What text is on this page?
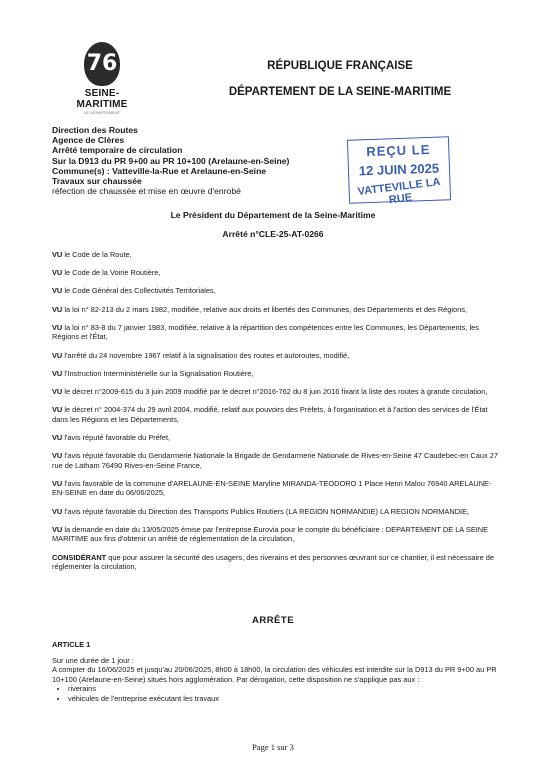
76
SEINE-MARITIME
LE DÉPARTEMENT
RÉPUBLIQUE FRANÇAISE
DÉPARTEMENT DE LA SEINE-MARITIME
Direction des Routes
Agence de Clères
Arrêté temporaire de circulation
Sur la D913 du PR 9+00 au PR 10+100 (Arelaune-en-Seine)
Commune(s) : Vatteville-la-Rue et Arelaune-en-Seine
Travaux sur chaussée
réfection de chaussée et mise en œuvre d'enrobé
REÇU LE
12 JUIN 2025
VATTEVILLE LA RUE
Le Président du Département de la Seine-Maritime
Arrêté n°CLE-25-AT-0266

VU le Code de la Route,

VU le Code de la Voirie Routière,

VU le Code Général des Collectivités Territoriales,

VU la loi n° 82-213 du 2 mars 1982, modifiée, relative aux droits et libertés des Communes, des Départements et des Régions,

VU la loi n° 83-8 du 7 janvier 1983, modifiée, relative à la répartition des compétences entre les Communes, les Départements, les Régions et l'État,

VU l'arrêté du 24 novembre 1967 relatif à la signalisation des routes et autoroutes, modifié,

VU l'Instruction Interministérielle sur la Signalisation Routière,

VU le décret n°2009-615 du 3 juin 2009 modifié par le décret n°2016-762 du 8 juin 2016 fixant la liste des routes à grande circulation,

VU le décret n° 2004-374 du 29 avril 2004, modifié, relatif aux pouvoirs des Préfets, à l'organisation et à l'action des services de l'État dans les Régions et les Départements,

VU l'avis réputé favorable du Préfet,

VU l'avis réputé favorable du Gendarmerie Nationale la Brigade de Gendarmerie Nationale de Rives-en-Seine 47 Caudebec-en Caux 27 rue de Latham 76490 Rives-en-Seine France,

VU l'avis favorable de la commune d'ARELAUNE-EN-SEINE Maryline MIRANDA-TEODORO 1 Place Henri Malou 76940 ARELAUNE-EN-SEINE en date du 06/06/2025,

VU l'avis réputé favorable du Direction des Transports Publics Routiers (LA REGION NORMANDIE) LA REGION NORMANDIE,

VU la demande en date du 13/05/2025 émise par l'entreprise Eurovia pour le compte du bénéficiaire : DEPARTEMENT DE LA SEINE MARITIME aux fins d'obtenir un arrêté de réglementation de la circulation,

CONSIDÉRANT que pour assurer la sécurité des usagers, des riverains et des personnes œuvrant sur ce chantier, il est nécessaire de réglementer la circulation,

ARRÊTE
ARTICLE 1
Sur une durée de 1 jour :
A compter du 16/06/2025 et jusqu'au 20/06/2025, 8h00 à 18h00, la circulation des véhicules est interdite sur la D913 du PR 9+00 au PR 10+100 (Arelaune-en-Seine) situés hors agglomération. Par dérogation, cette disposition ne s'applique pas aux :
• riverains
• véhicules de l'entreprise exécutant les travaux
Page 1 sur 3
